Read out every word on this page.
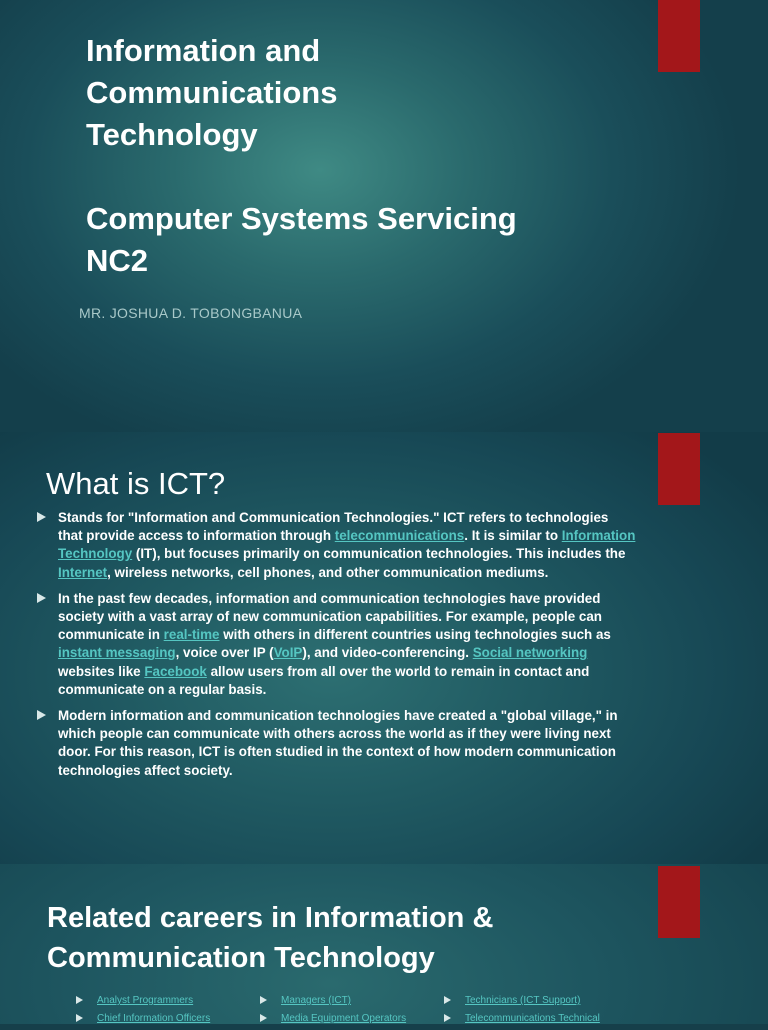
Information and
Communications
Technology
Computer Systems Servicing
NC2
MR. JOSHUA D. TOBONGBANUA
What is ICT?
Stands for "Information and Communication Technologies." ICT refers to technologies that provide access to information through telecommunications. It is similar to Information Technology (IT), but focuses primarily on communication technologies. This includes the Internet, wireless networks, cell phones, and other communication mediums.
In the past few decades, information and communication technologies have provided society with a vast array of new communication capabilities. For example, people can communicate in real-time with others in different countries using technologies such as instant messaging, voice over IP (VoIP), and video-conferencing. Social networking websites like Facebook allow users from all over the world to remain in contact and communicate on a regular basis.
Modern information and communication technologies have created a "global village," in which people can communicate with others across the world as if they were living next door. For this reason, ICT is often studied in the context of how modern communication technologies affect society.
Related careers in Information &
Communication Technology
Analyst Programmers
Chief Information Officers
Managers (ICT)
Media Equipment Operators
Technicians (ICT Support)
Telecommunications Technical
